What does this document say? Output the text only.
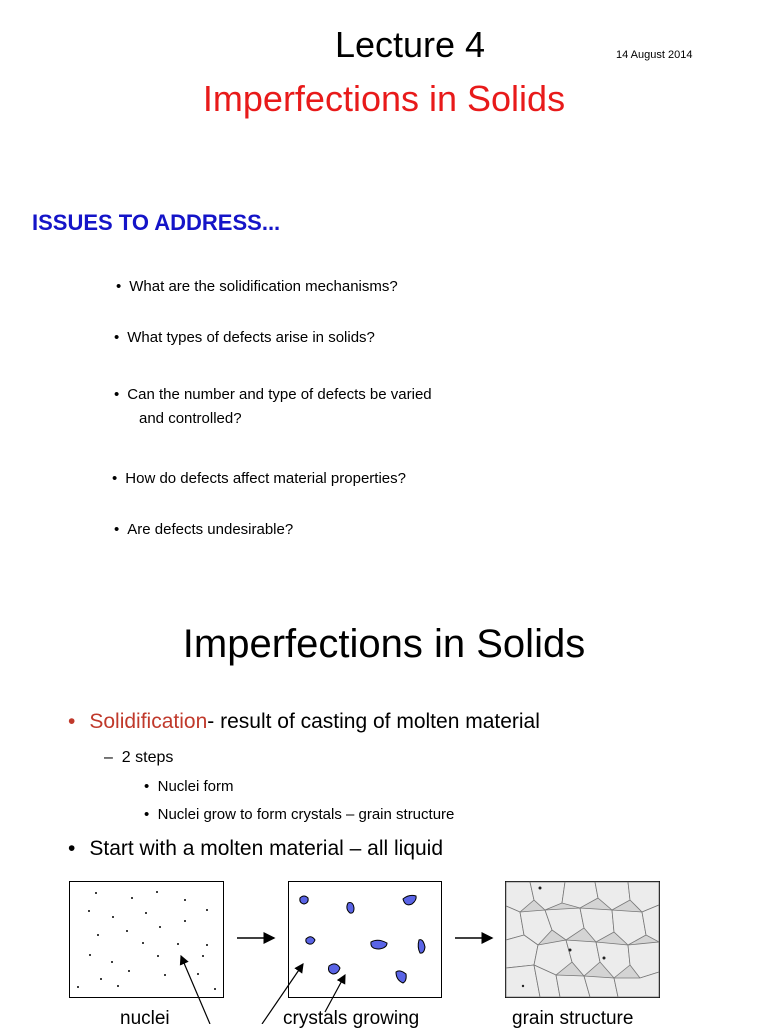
Lecture 4	14 August 2014
Imperfections in Solids
ISSUES TO ADDRESS...
• What are the solidification mechanisms?
• What types of defects arise in solids?
• Can the number and type of defects be varied
and controlled?
• How do defects affect material properties?
• Are defects undesirable?
Imperfections in Solids
• Solidification- result of casting of molten material
– 2 steps
• Nuclei form
• Nuclei grow to form crystals – grain structure
• Start with a molten material – all liquid
nuclei	crystals growing	grain structure
